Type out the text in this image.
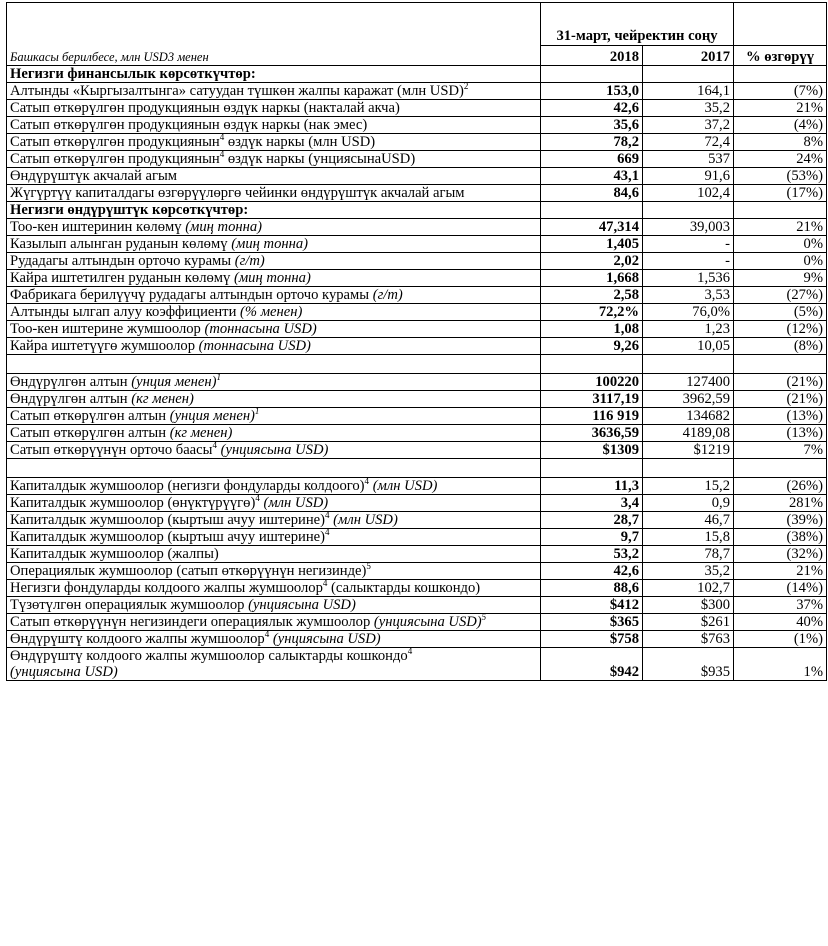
Башкасы берилбесе, млн USD3 менен	31-март, чейректин соңу		
	2018	2017	% өзгөрүү
Негизги финансылык көрсөткүчтөр:			
Алтынды «Кыргызалтынга» сатуудан түшкөн жалпы каражат (млн USD)$^2$	153,0	164,1	(7%)
Сатып өткөрүлгөн продукциянын өздүк наркы (накталай акча)	42,6	35,2	21%
Сатып өткөрүлгөн продукциянын өздүк наркы (нак эмес)	35,6	37,2	(4%)
Сатып өткөрүлгөн продукциянын$^4$ өздүк наркы (млн USD)	78,2	72,4	8%
Сатып өткөрүлгөн продукциянын$^4$ өздүк наркы (унциясынаUSD)	669	537	24%
Өндүрүштүк акчалай агым	43,1	91,6	(53%)
Жүгүртүү капиталдагы өзгөрүүлөргө чейинки өндүрүштүк акчалай агым	84,6	102,4	(17%)
Негизги өндүрүштүк көрсөткүчтөр:			
Тоо-кен иштеринин көлөмү (миң тонна)	47,314	39,003	21%
Казылып алынган руданын көлөмү (миң тонна)	1,405	-	0%
Рудадагы алтындын орточо курамы (г/т)	2,02	-	0%
Кайра иштетилген руданын көлөмү (миң тонна)	1,668	1,536	9%
Фабрикага берилүүчү рудадагы алтындын орточо курамы (г/т)	2,58	3,53	(27%)
Алтынды ылгап алуу коэффициенти (% менен)	72,2%	76,0%	(5%)
Тоо-кен иштерине жумшоолор (тоннасына USD)	1,08	1,23	(12%)
Кайра иштетүүгө жумшоолор (тоннасына USD)	9,26	10,05	(8%)

Өндүрүлгөн алтын (унция менен)$^1$	100220	127400	(21%)
Өндүрүлгөн алтын (кг менен)	3117,19	3962,59	(21%)
Сатып өткөрүлгөн алтын (унция менен)$^1$	116 919	134682	(13%)
Сатып өткөрүлгөн алтын (кг менен)	3636,59	4189,08	(13%)
Сатып өткөрүүнүн орточо баасы$^4$ (унциясына USD)	$1309	$1219	7%

Капиталдык жумшоолор (негизги фондуларды колдоого)$^4$ (млн USD)	11,3	15,2	(26%)
Капиталдык жумшоолор (өнүктүрүүгө)$^4$ (млн USD)	3,4	0,9	281%
Капиталдык жумшоолор (кыртыш ачуу иштерине)$^4$ (млн USD)	28,7	46,7	(39%)
Капиталдык жумшоолор (кыртыш ачуу иштерине)$^4$	9,7	15,8	(38%)
Капиталдык жумшоолор (жалпы)	53,2	78,7	(32%)
Операциялык жумшоолор (сатып өткөрүүнүн негизинде)$^5$	42,6	35,2	21%
Негизги фондуларды колдоого жалпы жумшоолор$^4$ (салыктарды кошкондо)	88,6	102,7	(14%)
Түзөтүлгөн операциялык жумшоолор (унциясына USD)	$412	$300	37%
Сатып өткөрүүнүн негизиндеги операциялык жумшоолор (унциясына USD)$^5$	$365	$261	40%
Өндүрүштү колдоого жалпы жумшоолор$^4$ (унциясына USD)	$758	$763	(1%)
Өндүрүштү колдоого жалпы жумшоолор салыктарды кошкондо$^4$
(унциясына USD)	$942	$935	1%
